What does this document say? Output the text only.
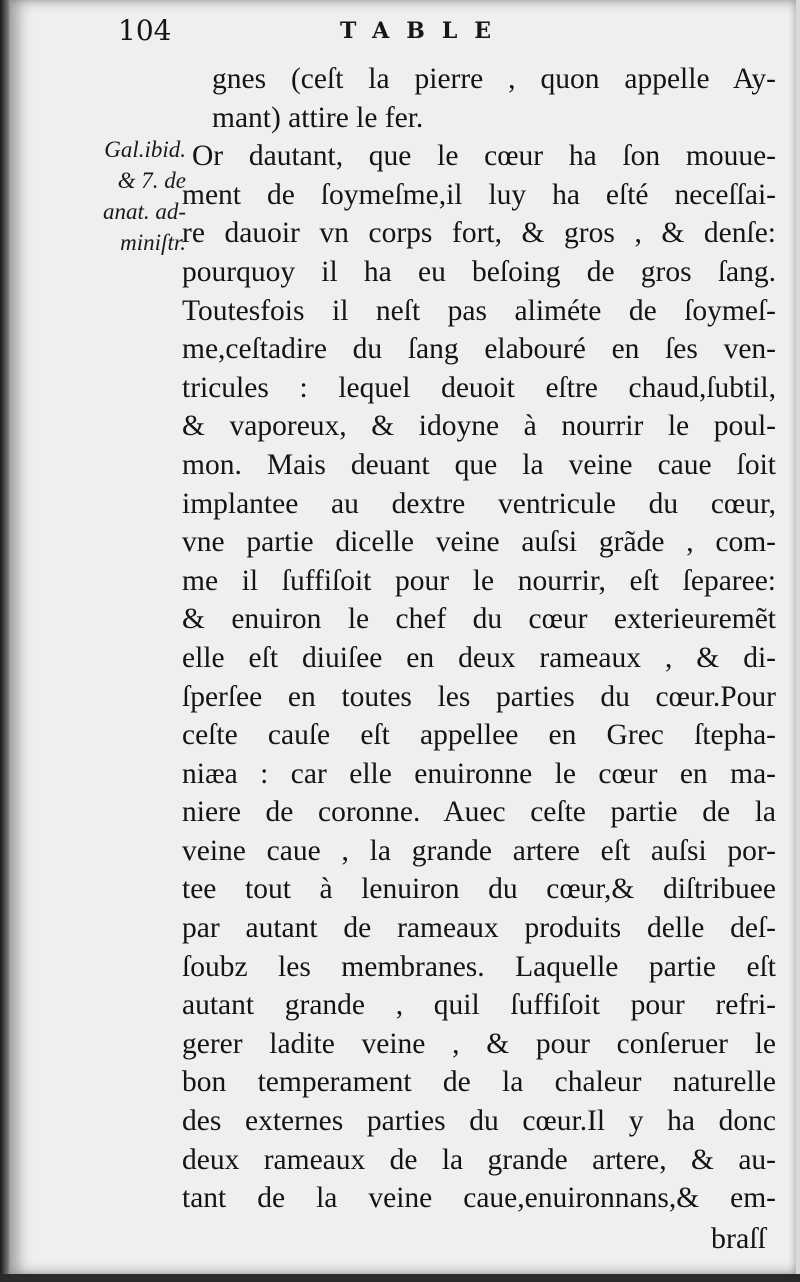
104	TABLE
Gal.ibid.
& 7. de
anat. ad-
miniſtr.
gnes (ceſt la pierre , quon appelle Ay-
mant) attire le fer.
Or dautant, que le cœur ha ſon mouue-
ment de ſoymeſme,il luy ha eſté neceſſai-
re dauoir vn corps fort, & gros , & denſe:
pourquoy il ha eu beſoing de gros ſang.
Toutesfois il neſt pas aliméte de ſoymeſ-
me,ceſtadire du ſang elabouré en ſes ven-
tricules : lequel deuoit eſtre chaud,ſubtil,
& vaporeux, & idoyne à nourrir le poul-
mon. Mais deuant que la veine caue ſoit
implantee au dextre ventricule du cœur,
vne partie dicelle veine auſsi grãde , com-
me il ſuffiſoit pour le nourrir, eſt ſeparee:
& enuiron le chef du cœur exterieuremẽt
elle eſt diuiſee en deux rameaux , & di-
ſperſee en toutes les parties du cœur.Pour
ceſte cauſe eſt appellee en Grec ſtepha-
niæa : car elle enuironne le cœur en ma-
niere de coronne. Auec ceſte partie de la
veine caue , la grande artere eſt auſsi por-
tee tout à lenuiron du cœur,& diſtribuee
par autant de rameaux produits delle deſ-
ſoubz les membranes. Laquelle partie eſt
autant grande , quil ſuffiſoit pour refri-
gerer ladite veine , & pour conſeruer le
bon temperament de la chaleur naturelle
des externes parties du cœur.Il y ha donc
deux rameaux de la grande artere, & au-
tant de la veine caue,enuironnans,& em-
braſſ
